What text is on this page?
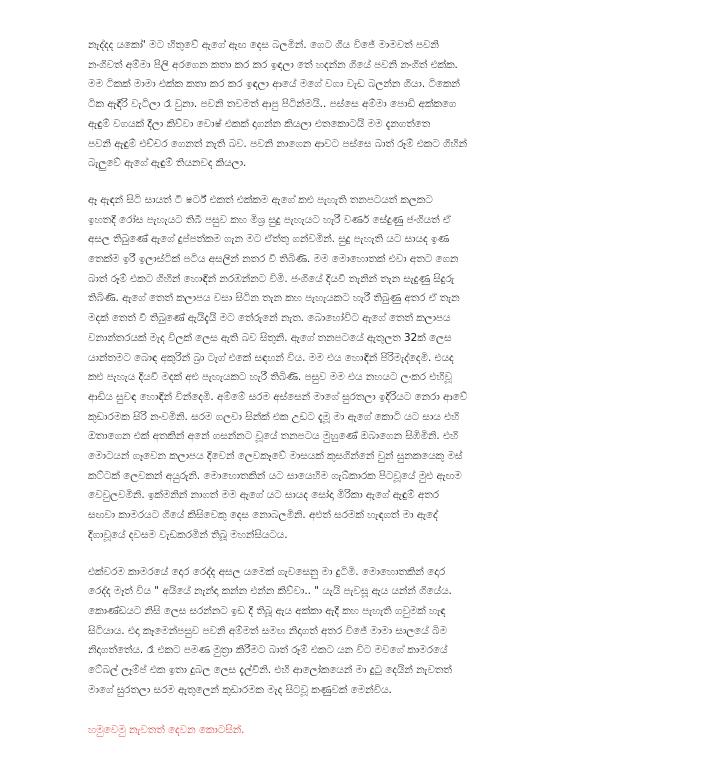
නැද්දද යකෝ' මට හිතුවේ ඇගේ ඇඟ දෙස බලමින්. ගෙට ගිය විජේ මාමවත් පවනි
නංගිවත් අම්මා පිලි අරගෙන කතා කර කර ඉඳලා තේ හදන්න ගියේ පවනි නංගිත් එක්ක.
මම ටිකක් මාමා එක්ක කතා කර කර ඉඳලා ආයේ මගේ වගා වැඩ බලන්න ගියා. ටිකෙන්
ටික ඇඳිරි වැටිලා රෑ වුනා. පවනි තවමත් ආපු පිටින්මයි.. පස්සෙ අම්මා පොඩි අක්කගෙ
ඇඳුම් වගයක් දීලා කිව්වා වොෂ් එකක් දාගන්න කියලා එතකොටයි මම දැනගත්තෙ
පවනි ඇඳුම් එච්චර ගෙනත් නැති බව. පවනි නාගෙන ආවට පස්සෙ බාත් රූම් එකට ගිහින්
බැලුවේ ඇගේ ඇඳුම් තියනවද කියලා.
ඈ ඇඳන් සිටි සායත් ටී ෂර්ට් එකත් එක්කම ඇගේ කළු පැහැති තනපටයත් කලකට
ඉහතදී රෝස පැහැයට තිබී පසුව කහ මිශ්‍ර සුදු පැහැයට හැරී වර්ණ සේදුණු ජංගියත් ඒ
අසල තිබුණේ ඇගේ දුප්පත්කම ගැන මට ඒත්තු ගන්වමින්. සුදු පැහැති යට සායද ඉණ
තෙක්ම ඉරී ඉලාස්ටික් පටිය අසලින් නතර වී තිබිණි. මම මොහොතක් එවා අතට ගෙන
බාත් රූම් එකට ගිහින් හොඳින් නරඹන්නට විමි. ජංගියේ දියවී තැනින් තැන සැදුණු සිදුරු
තිබිණි. ඇගේ තෙත් කලාපය වසා සිටින තැන කහ පැහැයකට හැරී තිබුණු අතර ඒ තැන
මදක් තෙත් වී තිබුණේ ඇයිදැයි මට තේරුනේ නැත. බොහෝවිට ඇගේ තෙත් කලාපය
වනාන්තරයක් මැද විලක් ලෙස ඇති බව සිතුනි. ඇගේ තනපටයේ ඇතුලත 32ක් ලෙස
යාන්තමට බොඳ අකුරින් බ්‍රා ටැග් එකේ සඳහන් විය. මම එය හොඳින් පිරිමැද්දෙමි. එයද
කළු පැහැය දියවී මදක් අළු පැහැයකට හැරී තිබිණි. පසුව මම එය නහයට ලංකර එහිවූ
ආඩිය සුවඳ හොඳින් වින්දෙමි. අම්මේ සරම අස්සෙන් මාගේ සුරතලා ඉදිරියට නෙරා ආවේ
කුඩාරමක සිරි නංවමිනි. සරම ගලවා සින්ක් එක උඩට දැමූ මා ඇගේ කොටි යට සාය එහි
ඔතාගෙන එක් අතකින් අනේ ගසන්නට වූයේ තනපටය මුහුණේ ඔබාගෙන සිඹිමිනි. එහි
මොටයන් ගෑවෙන කලාපය දිවෙන් ලෙවකෑවේ මාසයක් කුසගින්නේ වුන් සුනකයෙකු මස්
කට්ටක් ලෙවකන් අයුරුනි. මොහොතකින් යට සායෙහිම ගැබ්කාරක පිටවූයේ මුළු ඇඟම
වෙවුලවමිනි. ඉක්මනින් නාගත් මම ඇගේ යට සායද සෝදා මිරිකා ඇගේ ඇඳුම් අතර
සඟවා කාමරයට ගියේ කිසිවෙකු දෙස නොබලමිනි. අළුත් සරමක් හැඳගත් මා ඇදේ
දිගාවූයේ දවසම වැඩකරමින් තිබූ මහන්සියටය.
එක්වරම කාමරයේ දොර රෙද්ද අසල යමෙක් ගැවසෙනු මා දුටිමි. මොහොතකින් දොර
රෙද්ද මෑත් විය " අයියේ නැන්දා කන්න එන්න කිව්වා.. " යැයි පැවසූ ඇය යන්න් ගියේය.
කොණ්ඩයට නිසි ලෙස සරන්නට ඉඩ දී තිබූ ඇය අක්කා ඇදී කහ පැහැති ගවුමක් හැඳ
සිටියාය. එදා කෑමෙන්පසුව පවනි අම්මත් සමඟ නිදාගත් අතර විජේ මාමා සාලයේ බිම
නිදාගත්තේය. රෑ එකට පමණ මුත්‍රා කිරීමට බාත් රූම් එකට යන විට මවගේ කාමරයේ
ටේබල් ලෑම්ප් එක ඉතා දුබල ලෙස දැල්වීනි. එහි ආලෝකයෙන් මා දුටු දෙයින් නැවතත්
මාගේ සුරතලා සරම ඇතුලෙන් කුඩාරමක මැද සිටවූ කණුවක් මෙන්විය.
හමුවෙමු නැවතත් දෙවන කොටසින්.
